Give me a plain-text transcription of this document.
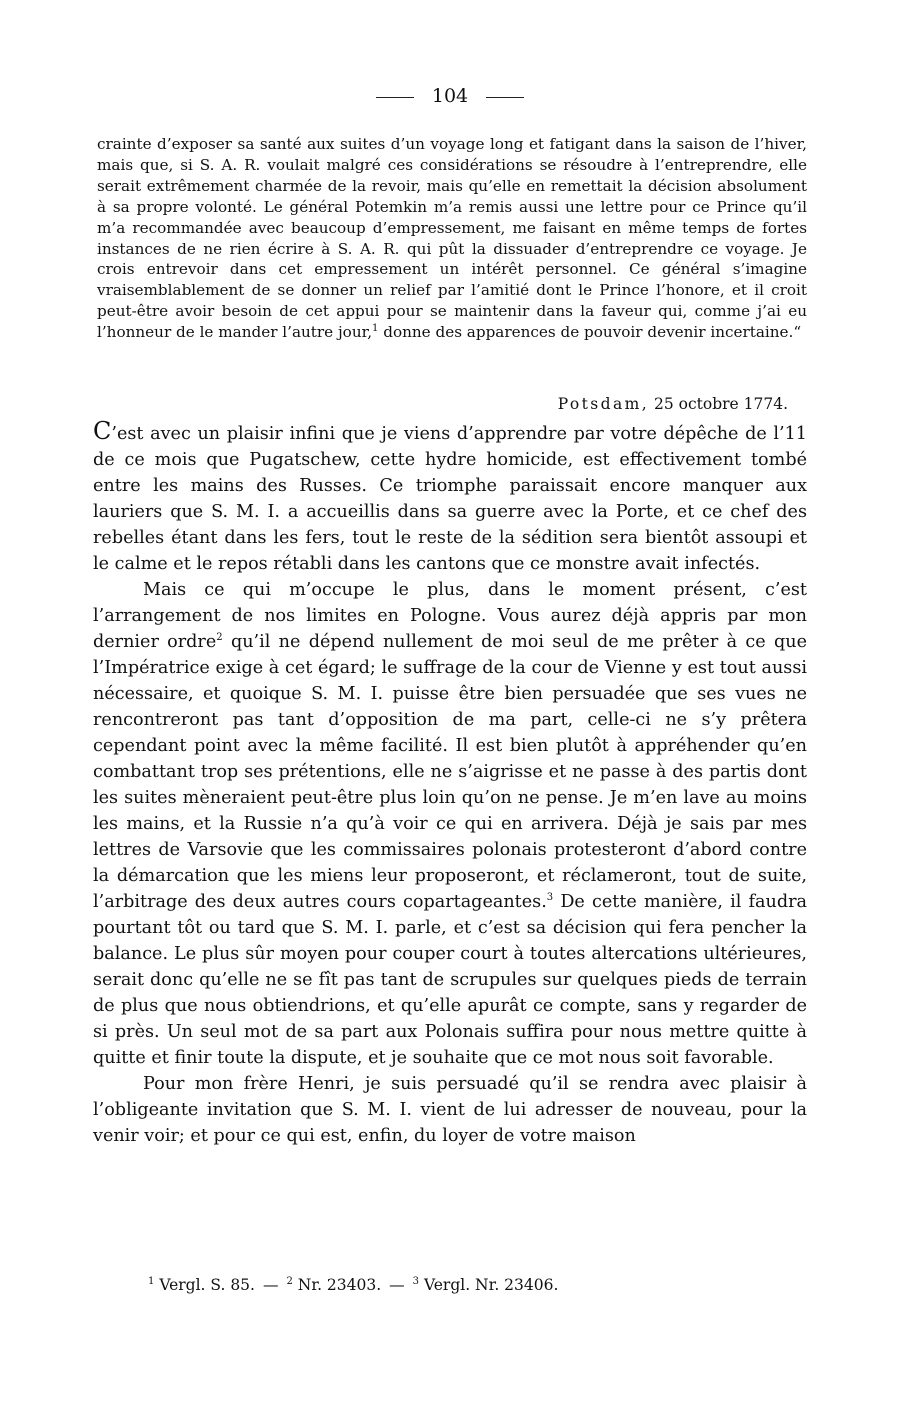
104
crainte d’exposer sa santé aux suites d’un voyage long et fatigant dans la saison de l’hiver, mais que, si S. A. R. voulait malgré ces considérations se résoudre à l’entreprendre, elle serait extrêmement charmée de la revoir, mais qu’elle en remettait la décision absolument à sa propre volonté. Le général Potemkin m’a remis aussi une lettre pour ce Prince qu’il m’a recommandée avec beaucoup d’empressement, me faisant en même temps de fortes instances de ne rien écrire à S. A. R. qui pût la dissuader d’entreprendre ce voyage. Je crois entrevoir dans cet empressement un intérêt personnel. Ce général s’imagine vraisemblablement de se donner un relief par l’amitié dont le Prince l’honore, et il croit peut-être avoir besoin de cet appui pour se maintenir dans la faveur qui, comme j’ai eu l’honneur de le mander l’autre jour,$^1$ donne des apparences de pouvoir devenir incertaine.“
Potsdam, 25 octobre 1774.

C’est avec un plaisir infini que je viens d’apprendre par votre dépêche de l’11 de ce mois que Pugatschew, cette hydre homicide, est effectivement tombé entre les mains des Russes. Ce triomphe paraissait encore manquer aux lauriers que S. M. I. a accueillis dans sa guerre avec la Porte, et ce chef des rebelles étant dans les fers, tout le reste de la sédition sera bientôt assoupi et le calme et le repos rétabli dans les cantons que ce monstre avait infectés.

Mais ce qui m’occupe le plus, dans le moment présent, c’est l’arrangement de nos limites en Pologne. Vous aurez déjà appris par mon dernier ordre$^2$ qu’il ne dépend nullement de moi seul de me prêter à ce que l’Impératrice exige à cet égard; le suffrage de la cour de Vienne y est tout aussi nécessaire, et quoique S. M. I. puisse être bien persuadée que ses vues ne rencontreront pas tant d’opposition de ma part, celle-ci ne s’y prêtera cependant point avec la même facilité. Il est bien plutôt à appréhender qu’en combattant trop ses prétentions, elle ne s’aigrisse et ne passe à des partis dont les suites mèneraient peut-être plus loin qu’on ne pense. Je m’en lave au moins les mains, et la Russie n’a qu’à voir ce qui en arrivera. Déjà je sais par mes lettres de Varsovie que les commissaires polonais protesteront d’abord contre la démarcation que les miens leur proposeront, et réclameront, tout de suite, l’arbitrage des deux autres cours copartageantes.$^3$ De cette manière, il faudra pourtant tôt ou tard que S. M. I. parle, et c’est sa décision qui fera pencher la balance. Le plus sûr moyen pour couper court à toutes altercations ultérieures, serait donc qu’elle ne se fît pas tant de scrupules sur quelques pieds de terrain de plus que nous obtiendrions, et qu’elle apurât ce compte, sans y regarder de si près. Un seul mot de sa part aux Polonais suffira pour nous mettre quitte à quitte et finir toute la dispute, et je souhaite que ce mot nous soit favorable.

Pour mon frère Henri, je suis persuadé qu’il se rendra avec plaisir à l’obligeante invitation que S. M. I. vient de lui adresser de nouveau, pour la venir voir; et pour ce qui est, enfin, du loyer de votre maison

$^1$ Vergl. S. 85. — $^2$ Nr. 23403. — $^3$ Vergl. Nr. 23406.
